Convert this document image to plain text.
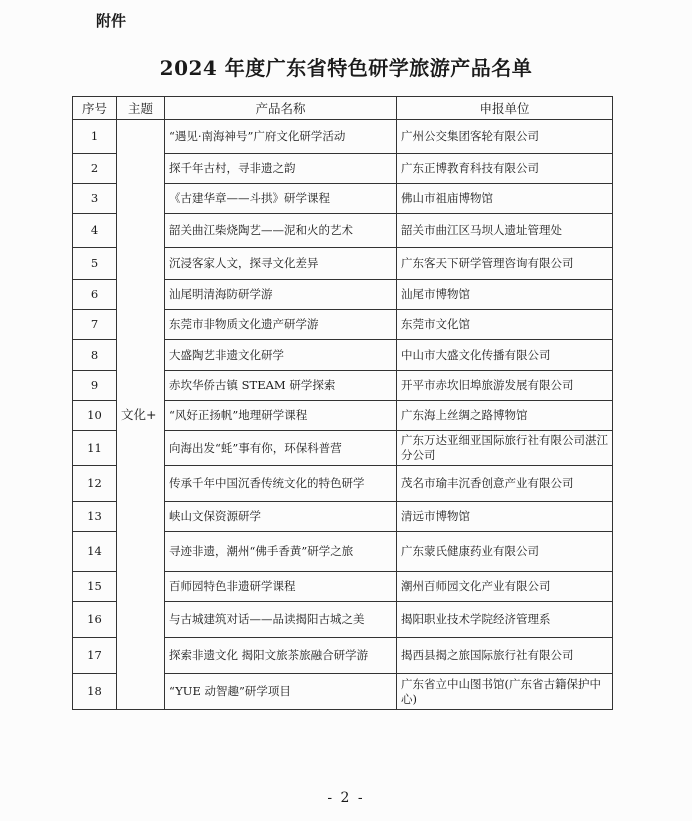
附件
2024 年度广东省特色研学旅游产品名单
序号	主题	产品名称	申报单位
1	文化+	“遇见·南海神号”广府文化研学活动	广州公交集团客轮有限公司
2		探千年古村，寻非遗之韵	广东正博教育科技有限公司
3		《古建华章——斗拱》研学课程	佛山市祖庙博物馆
4		韶关曲江柴烧陶艺——泥和火的艺术	韶关市曲江区马坝人遗址管理处
5		沉浸客家人文，探寻文化差异	广东客天下研学管理咨询有限公司
6		汕尾明清海防研学游	汕尾市博物馆
7		东莞市非物质文化遗产研学游	东莞市文化馆
8		大盛陶艺非遗文化研学	中山市大盛文化传播有限公司
9		赤坎华侨古镇 STEAM 研学探索	开平市赤坎旧埠旅游发展有限公司
10		“风好正扬帆”地理研学课程	广东海上丝绸之路博物馆
11		向海出发“蚝”事有你，环保科普营	广东万达亚细亚国际旅行社有限公司湛江分公司
12		传承千年中国沉香传统文化的特色研学	茂名市瑜丰沉香创意产业有限公司
13		峡山文保资源研学	清远市博物馆
14		寻迹非遗，潮州“佛手香黄”研学之旅	广东蒙氏健康药业有限公司
15		百师园特色非遗研学课程	潮州百师园文化产业有限公司
16		与古城建筑对话——品读揭阳古城之美	揭阳职业技术学院经济管理系
17		探索非遗文化 揭阳文旅茶旅融合研学游	揭西县揭之旅国际旅行社有限公司
18		“YUE 动智趣”研学项目	广东省立中山图书馆(广东省古籍保护中心)
- 2 -
